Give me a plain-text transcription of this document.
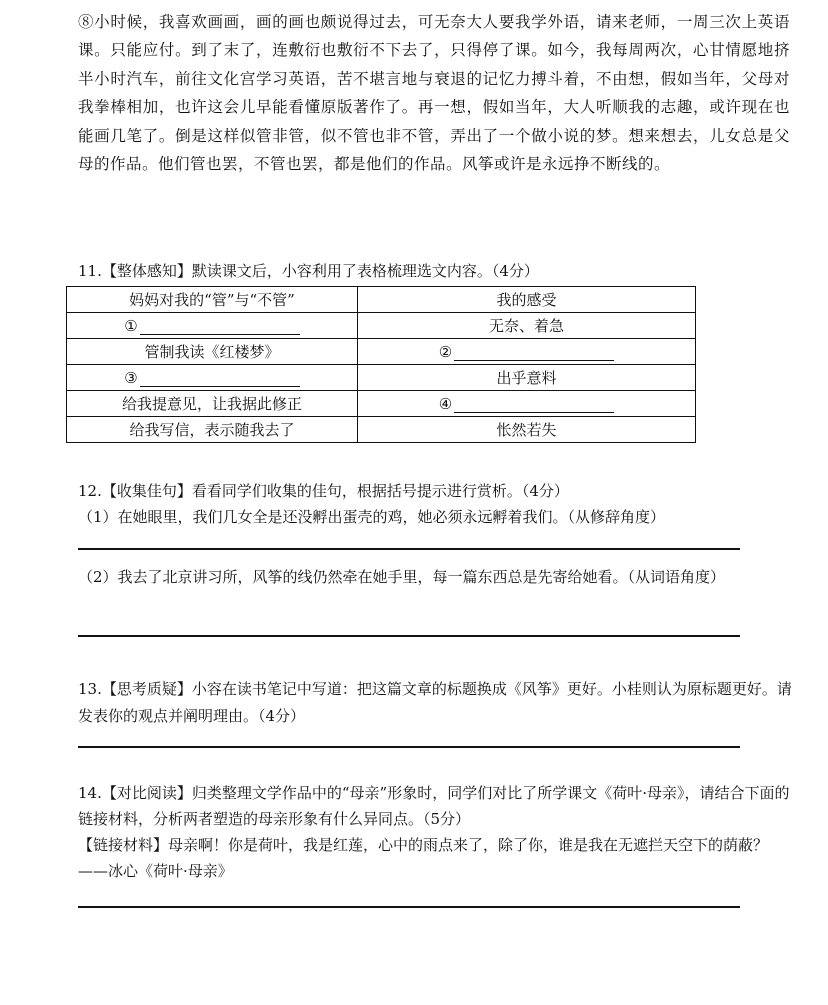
⑧小时候，我喜欢画画，画的画也颇说得过去，可无奈大人要我学外语，请来老师，一周三次上英语课。只能应付。到了末了，连敷衍也敷衍不下去了，只得停了课。如今，我每周两次，心甘情愿地挤半小时汽车，前往文化宫学习英语，苦不堪言地与衰退的记忆力搏斗着，不由想，假如当年，父母对我拳棒相加，也许这会儿早能看懂原版著作了。再一想，假如当年，大人听顺我的志趣，或许现在也能画几笔了。倒是这样似管非管，似不管也非不管，弄出了一个做小说的梦。想来想去，儿女总是父母的作品。他们管也罢，不管也罢，都是他们的作品。风筝或许是永远挣不断线的。
11.【整体感知】默读课文后，小容利用了表格梳理选文内容。（4分）
妈妈对我的“管”与“不管”	我的感受
①	无奈、着急
管制我读《红楼梦》	②
③	出乎意料
给我提意见，让我据此修正	④
给我写信，表示随我去了	怅然若失
12.【收集佳句】看看同学们收集的佳句，根据括号提示进行赏析。（4分）
（1）在她眼里，我们几女全是还没孵出蛋壳的鸡，她必须永远孵着我们。（从修辞角度）
（2）我去了北京讲习所，风筝的线仍然牵在她手里，每一篇东西总是先寄给她看。（从词语角度）
13.【思考质疑】小容在读书笔记中写道：把这篇文章的标题换成《风筝》更好。小桂则认为原标题更好。请发表你的观点并阐明理由。（4分）
14.【对比阅读】归类整理文学作品中的“母亲”形象时，同学们对比了所学课文《荷叶·母亲》，请结合下面的链接材料，分析两者塑造的母亲形象有什么异同点。（5分）
【链接材料】母亲啊！你是荷叶，我是红莲，心中的雨点来了，除了你，谁是我在无遮拦天空下的荫蔽？——冰心《荷叶·母亲》
